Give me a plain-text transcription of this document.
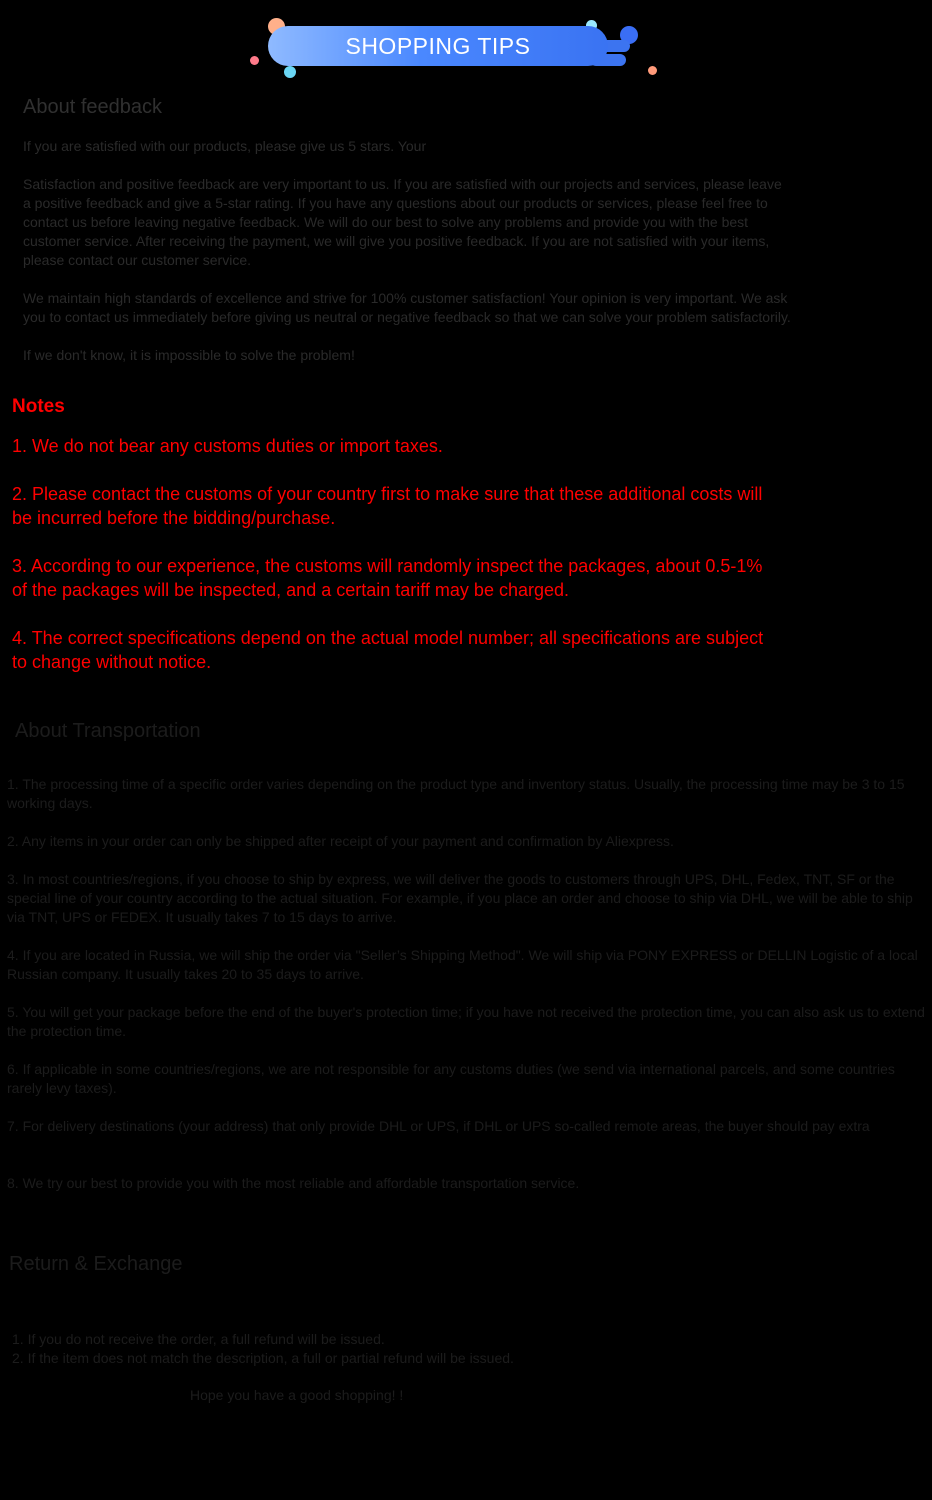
SHOPPING TIPS
About feedback

If you are satisfied with our products, please give us 5 stars. Your

Satisfaction and positive feedback are very important to us. If you are satisfied with our projects and services, please leave a positive feedback and give a 5-star rating. If you have any questions about our products or services, please feel free to contact us before leaving negative feedback. We will do our best to solve any problems and provide you with the best customer service. After receiving the payment, we will give you positive feedback. If you are not satisfied with your items, please contact our customer service.

We maintain high standards of excellence and strive for 100% customer satisfaction! Your opinion is very important. We ask you to contact us immediately before giving us neutral or negative feedback so that we can solve your problem satisfactorily.

If we don't know, it is impossible to solve the problem!

Notes

1. We do not bear any customs duties or import taxes.

2. Please contact the customs of your country first to make sure that these additional costs will be incurred before the bidding/purchase.

3. According to our experience, the customs will randomly inspect the packages, about 0.5-1% of the packages will be inspected, and a certain tariff may be charged.

4. The correct specifications depend on the actual model number; all specifications are subject to change without notice.

About Transportation

1. The processing time of a specific order varies depending on the product type and inventory status. Usually, the processing time may be 3 to 15 working days.

2. Any items in your order can only be shipped after receipt of your payment and confirmation by Aliexpress.

3. In most countries/regions, if you choose to ship by express, we will deliver the goods to customers through UPS, DHL, Fedex, TNT, SF or the special line of your country according to the actual situation. For example, if you place an order and choose to ship via DHL, we will be able to ship via TNT, UPS or FEDEX. It usually takes 7 to 15 days to arrive.

4. If you are located in Russia, we will ship the order via "Seller’s Shipping Method". We will ship via PONY EXPRESS or DELLIN Logistic of a local Russian company. It usually takes 20 to 35 days to arrive.

5. You will get your package before the end of the buyer's protection time; if you have not received the protection time, you can also ask us to extend the protection time.

6. If applicable in some countries/regions, we are not responsible for any customs duties (we send via international parcels, and some countries rarely levy taxes).

7. For delivery destinations (your address) that only provide DHL or UPS, if DHL or UPS so-called remote areas, the buyer should pay extra

8. We try our best to provide you with the most reliable and affordable transportation service.

Return & Exchange

1. If you do not receive the order, a full refund will be issued.

2. If the item does not match the description, a full or partial refund will be issued.

Hope you have a good shopping! !
